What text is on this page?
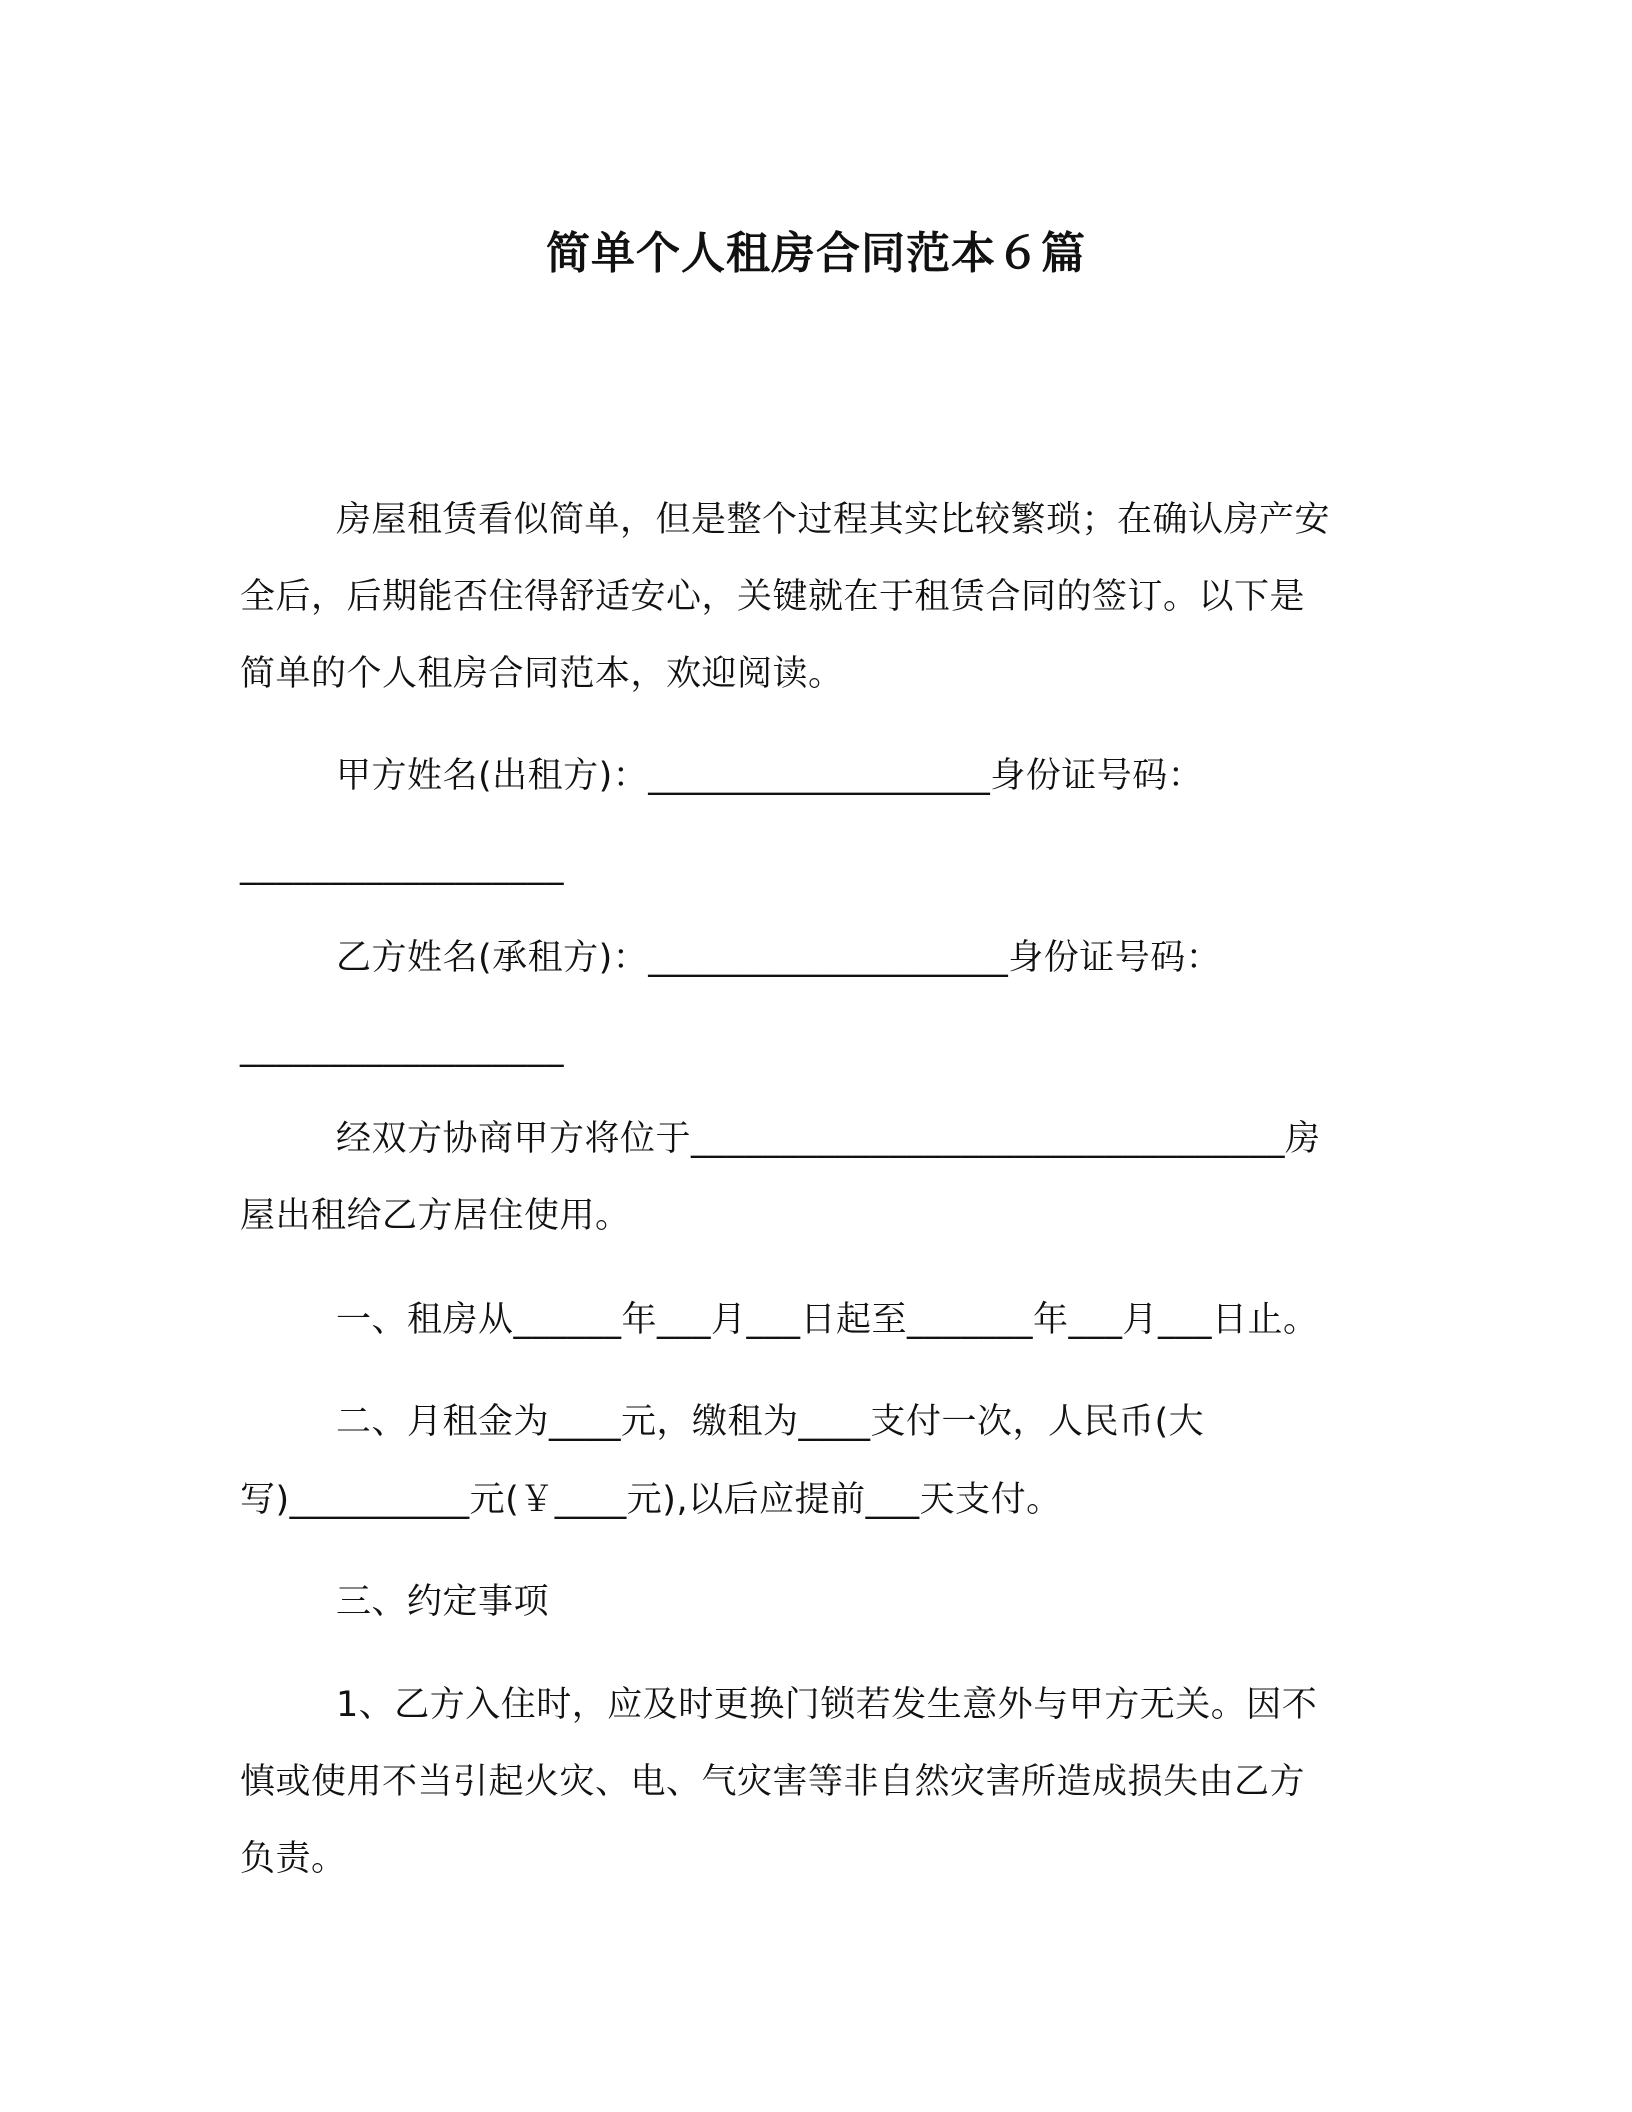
简单个人租房合同范本６篇
房屋租赁看似简单，但是整个过程其实比较繁琐；在确认房产安
全后，后期能否住得舒适安心，关键就在于租赁合同的签订。以下是
简单的个人租房合同范本，欢迎阅读。
甲方姓名(出租方)：___________________身份证号码：
__________________
乙方姓名(承租方)：____________________身份证号码：
__________________
经双方协商甲方将位于_________________________________房
屋出租给乙方居住使用。
一、租房从______年___月___日起至_______年___月___日止。
二、月租金为____元，缴租为____支付一次，人民币(大
写)__________元(￥____元),以后应提前___天支付。
三、约定事项
1、乙方入住时，应及时更换门锁若发生意外与甲方无关。因不
慎或使用不当引起火灾、电、气灾害等非自然灾害所造成损失由乙方
负责。
